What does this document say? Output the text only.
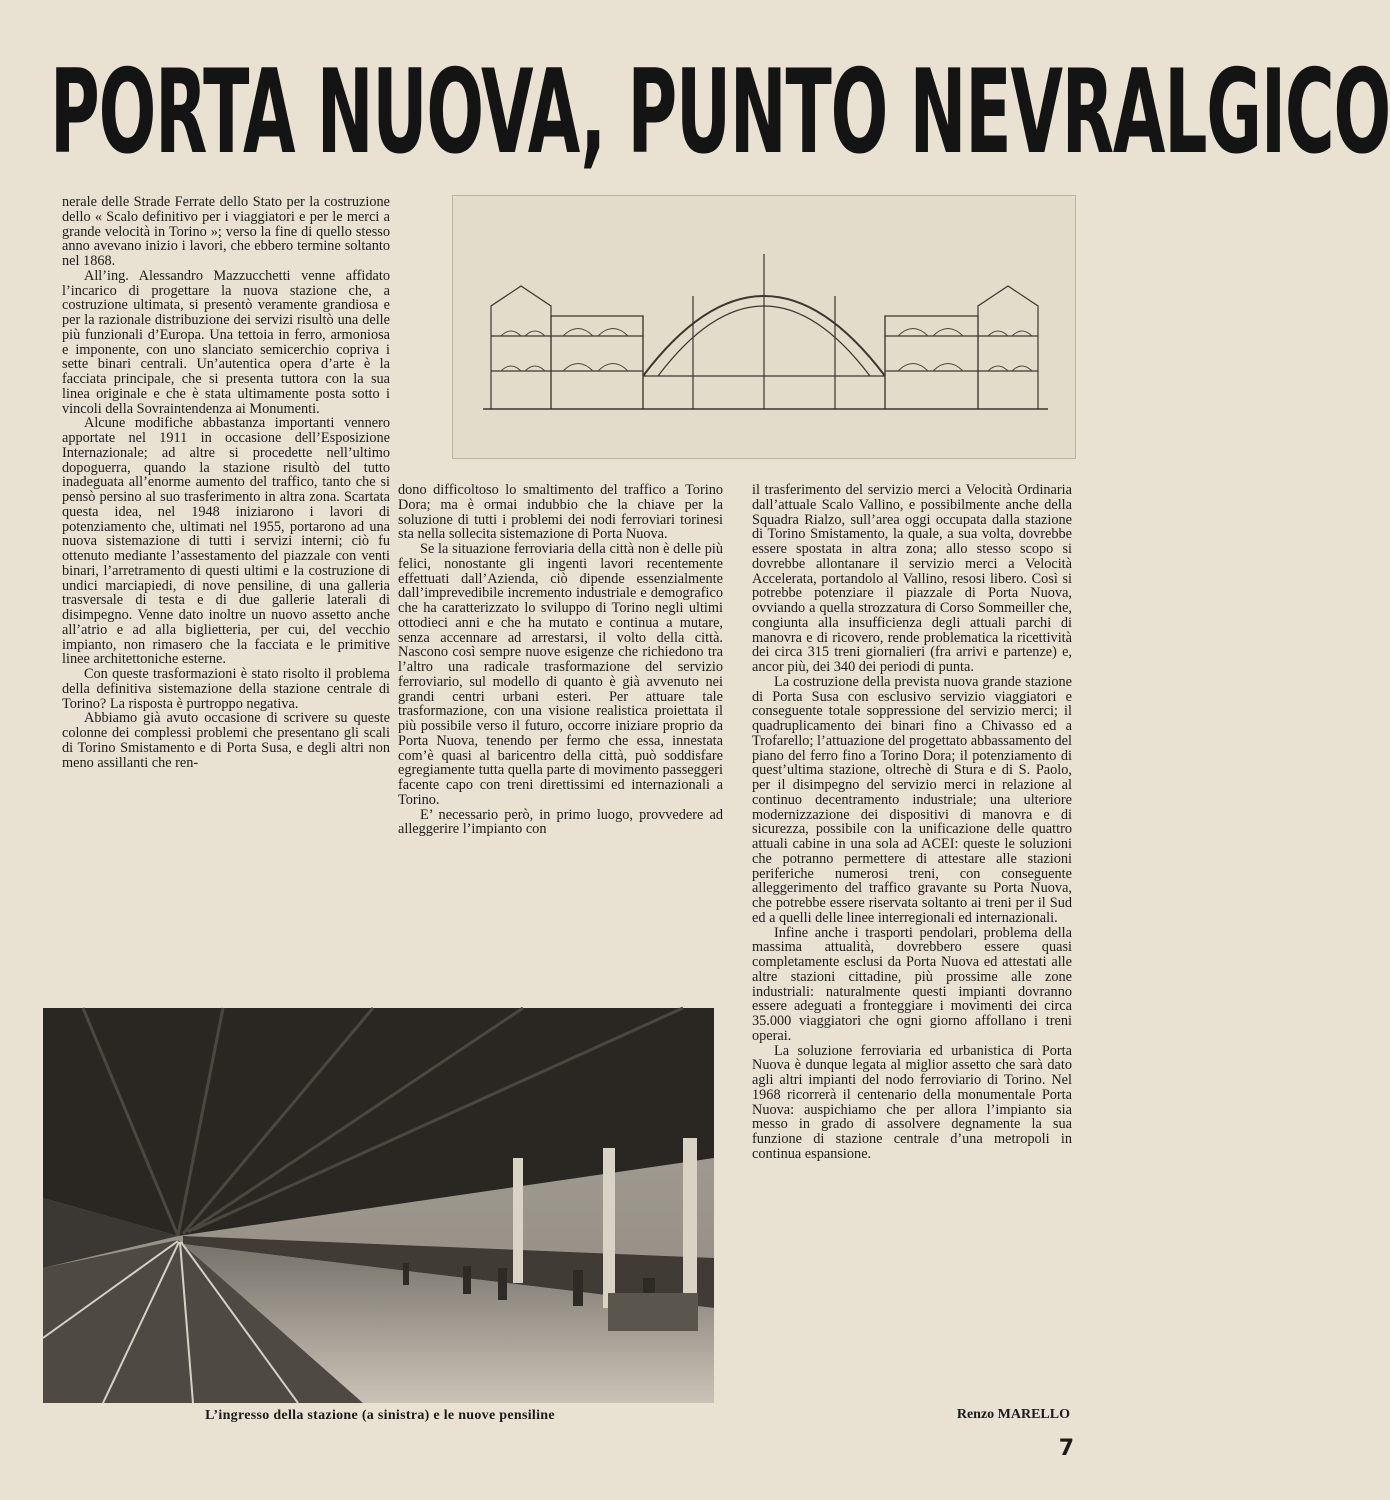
PORTA NUOVA, PUNTO NEVRALGICO

nerale delle Strade Ferrate dello Stato per la costruzione dello « Scalo definitivo per i viaggiatori e per le merci a grande velocità in Torino »; verso la fine di quello stesso anno avevano inizio i lavori, che ebbero termine soltanto nel 1868.

All’ing. Alessandro Mazzucchetti venne affidato l’incarico di progettare la nuova stazione che, a costruzione ultimata, si presentò veramente grandiosa e per la razionale distribuzione dei servizi risultò una delle più funzionali d’Europa. Una tettoia in ferro, armoniosa e imponente, con uno slanciato semicerchio copriva i sette binari centrali. Un’autentica opera d’arte è la facciata principale, che si presenta tuttora con la sua linea originale e che è stata ultimamente posta sotto i vincoli della Sovraintendenza ai Monumenti.

Alcune modifiche abbastanza importanti vennero apportate nel 1911 in occasione dell’Esposizione Internazionale; ad altre si procedette nell’ultimo dopoguerra, quando la stazione risultò del tutto inadeguata all’enorme aumento del traffico, tanto che si pensò persino al suo trasferimento in altra zona. Scartata questa idea, nel 1948 iniziarono i lavori di potenziamento che, ultimati nel 1955, portarono ad una nuova sistemazione di tutti i servizi interni; ciò fu ottenuto mediante l’assestamento del piazzale con venti binari, l’arretramento di questi ultimi e la costruzione di undici marciapiedi, di nove pensiline, di una galleria trasversale di testa e di due gallerie laterali di disimpegno. Venne dato inoltre un nuovo assetto anche all’atrio e ad alla biglietteria, per cui, del vecchio impianto, non rimasero che la facciata e le primitive linee architettoniche esterne.

Con queste trasformazioni è stato risolto il problema della definitiva sistemazione della stazione centrale di Torino? La risposta è purtroppo negativa.

Abbiamo già avuto occasione di scrivere su queste colonne dei complessi problemi che presentano gli scali di Torino Smistamento e di Porta Susa, e degli altri non meno assillanti che ren-

dono difficoltoso lo smaltimento del traffico a Torino Dora; ma è ormai indubbio che la chiave per la soluzione di tutti i problemi dei nodi ferroviari torinesi sta nella sollecita sistemazione di Porta Nuova.

Se la situazione ferroviaria della città non è delle più felici, nonostante gli ingenti lavori recentemente effettuati dall’Azienda, ciò dipende essenzialmente dall’imprevedibile incremento industriale e demografico che ha caratterizzato lo sviluppo di Torino negli ultimi ottodieci anni e che ha mutato e continua a mutare, senza accennare ad arrestarsi, il volto della città. Nascono così sempre nuove esigenze che richiedono tra l’altro una radicale trasformazione del servizio ferroviario, sul modello di quanto è già avvenuto nei grandi centri urbani esteri. Per attuare tale trasformazione, con una visione realistica proiettata il più possibile verso il futuro, occorre iniziare proprio da Porta Nuova, tenendo per fermo che essa, innestata com’è quasi al baricentro della città, può soddisfare egregiamente tutta quella parte di movimento passeggeri facente capo con treni direttissimi ed internazionali a Torino.

E’ necessario però, in primo luogo, provvedere ad alleggerire l’impianto con

il trasferimento del servizio merci a Velocità Ordinaria dall’attuale Scalo Vallino, e possibilmente anche della Squadra Rialzo, sull’area oggi occupata dalla stazione di Torino Smistamento, la quale, a sua volta, dovrebbe essere spostata in altra zona; allo stesso scopo si dovrebbe allontanare il servizio merci a Velocità Accelerata, portandolo al Vallino, resosi libero. Così si potrebbe potenziare il piazzale di Porta Nuova, ovviando a quella strozzatura di Corso Sommeiller che, congiunta alla insufficienza degli attuali parchi di manovra e di ricovero, rende problematica la ricettività dei circa 315 treni giornalieri (fra arrivi e partenze) e, ancor più, dei 340 dei periodi di punta.

La costruzione della prevista nuova grande stazione di Porta Susa con esclusivo servizio viaggiatori e conseguente totale soppressione del servizio merci; il quadruplicamento dei binari fino a Chivasso ed a Trofarello; l’attuazione del progettato abbassamento del piano del ferro fino a Torino Dora; il potenziamento di quest’ultima stazione, oltrechè di Stura e di S. Paolo, per il disimpegno del servizio merci in relazione al continuo decentramento industriale; una ulteriore modernizzazione dei dispositivi di manovra e di sicurezza, possibile con la unificazione delle quattro attuali cabine in una sola ad ACEI: queste le soluzioni che potranno permettere di attestare alle stazioni periferiche numerosi treni, con conseguente alleggerimento del traffico gravante su Porta Nuova, che potrebbe essere riservata soltanto ai treni per il Sud ed a quelli delle linee interregionali ed internazionali.

Infine anche i trasporti pendolari, problema della massima attualità, dovrebbero essere quasi completamente esclusi da Porta Nuova ed attestati alle altre stazioni cittadine, più prossime alle zone industriali: naturalmente questi impianti dovranno essere adeguati a fronteggiare i movimenti dei circa 35.000 viaggiatori che ogni giorno affollano i treni operai.

La soluzione ferroviaria ed urbanistica di Porta Nuova è dunque legata al miglior assetto che sarà dato agli altri impianti del nodo ferroviario di Torino. Nel 1968 ricorrerà il centenario della monumentale Porta Nuova: auspichiamo che per allora l’impianto sia messo in grado di assolvere degnamente la sua funzione di stazione centrale d’una metropoli in continua espansione.

L’ingresso della stazione (a sinistra) e le nuove pensiline	Renzo MARELLO
7
